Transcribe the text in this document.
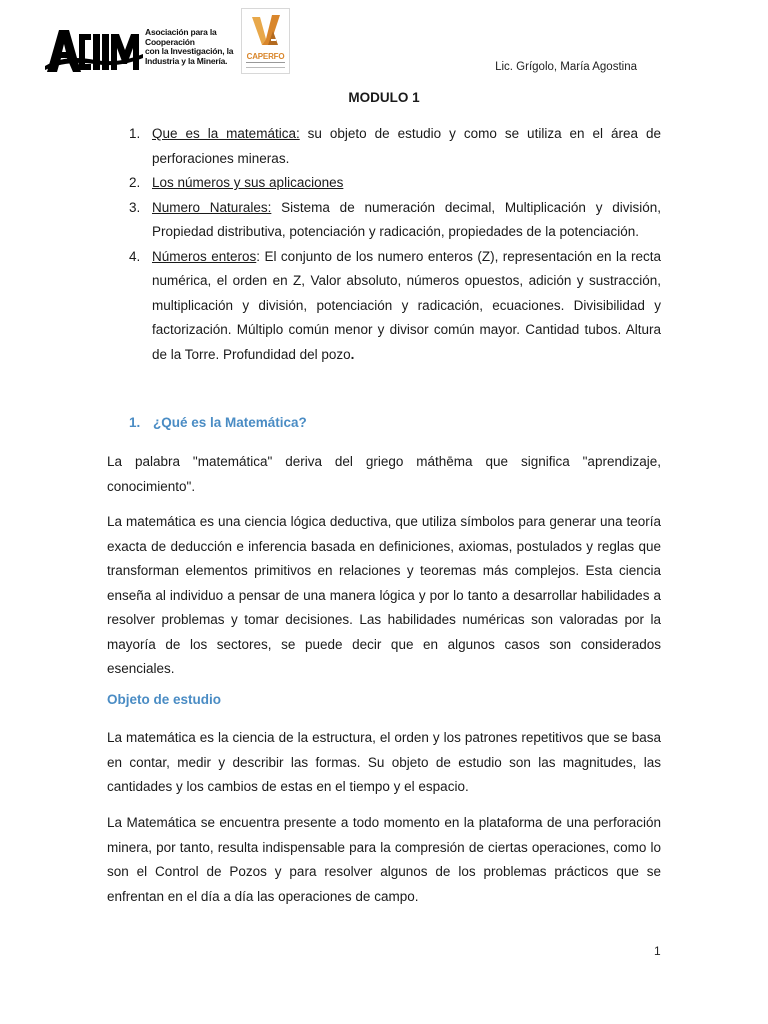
Asociación para la Cooperación
con la Investigación, la
Industria y la Minería.	CAPERFO
Lic. Grígolo, María Agostina
MODULO 1
1. Que es la matemática: su objeto de estudio y como se utiliza en el área de perforaciones mineras.
2. Los números y sus aplicaciones
3. Numero Naturales: Sistema de numeración decimal, Multiplicación y división, Propiedad distributiva, potenciación y radicación, propiedades de la potenciación.
4. Números enteros: El conjunto de los numero enteros (Z), representación en la recta numérica, el orden en Z, Valor absoluto, números opuestos, adición y sustracción, multiplicación y división, potenciación y radicación, ecuaciones. Divisibilidad y factorización. Múltiplo común menor y divisor común mayor. Cantidad tubos. Altura de la Torre. Profundidad del pozo.
1. ¿Qué es la Matemática?

La palabra "matemática" deriva del griego máthēma que significa "aprendizaje, conocimiento".

La matemática es una ciencia lógica deductiva, que utiliza símbolos para generar una teoría exacta de deducción e inferencia basada en definiciones, axiomas, postulados y reglas que transforman elementos primitivos en relaciones y teoremas más complejos. Esta ciencia enseña al individuo a pensar de una manera lógica y por lo tanto a desarrollar habilidades a resolver problemas y tomar decisiones. Las habilidades numéricas son valoradas por la mayoría de los sectores, se puede decir que en algunos casos son considerados esenciales.

Objeto de estudio

La matemática es la ciencia de la estructura, el orden y los patrones repetitivos que se basa en contar, medir y describir las formas. Su objeto de estudio son las magnitudes, las cantidades y los cambios de estas en el tiempo y el espacio.

La Matemática se encuentra presente a todo momento en la plataforma de una perforación minera, por tanto, resulta indispensable para la compresión de ciertas operaciones, como lo son el Control de Pozos y para resolver algunos de los problemas prácticos que se enfrentan en el día a día las operaciones de campo.

1
